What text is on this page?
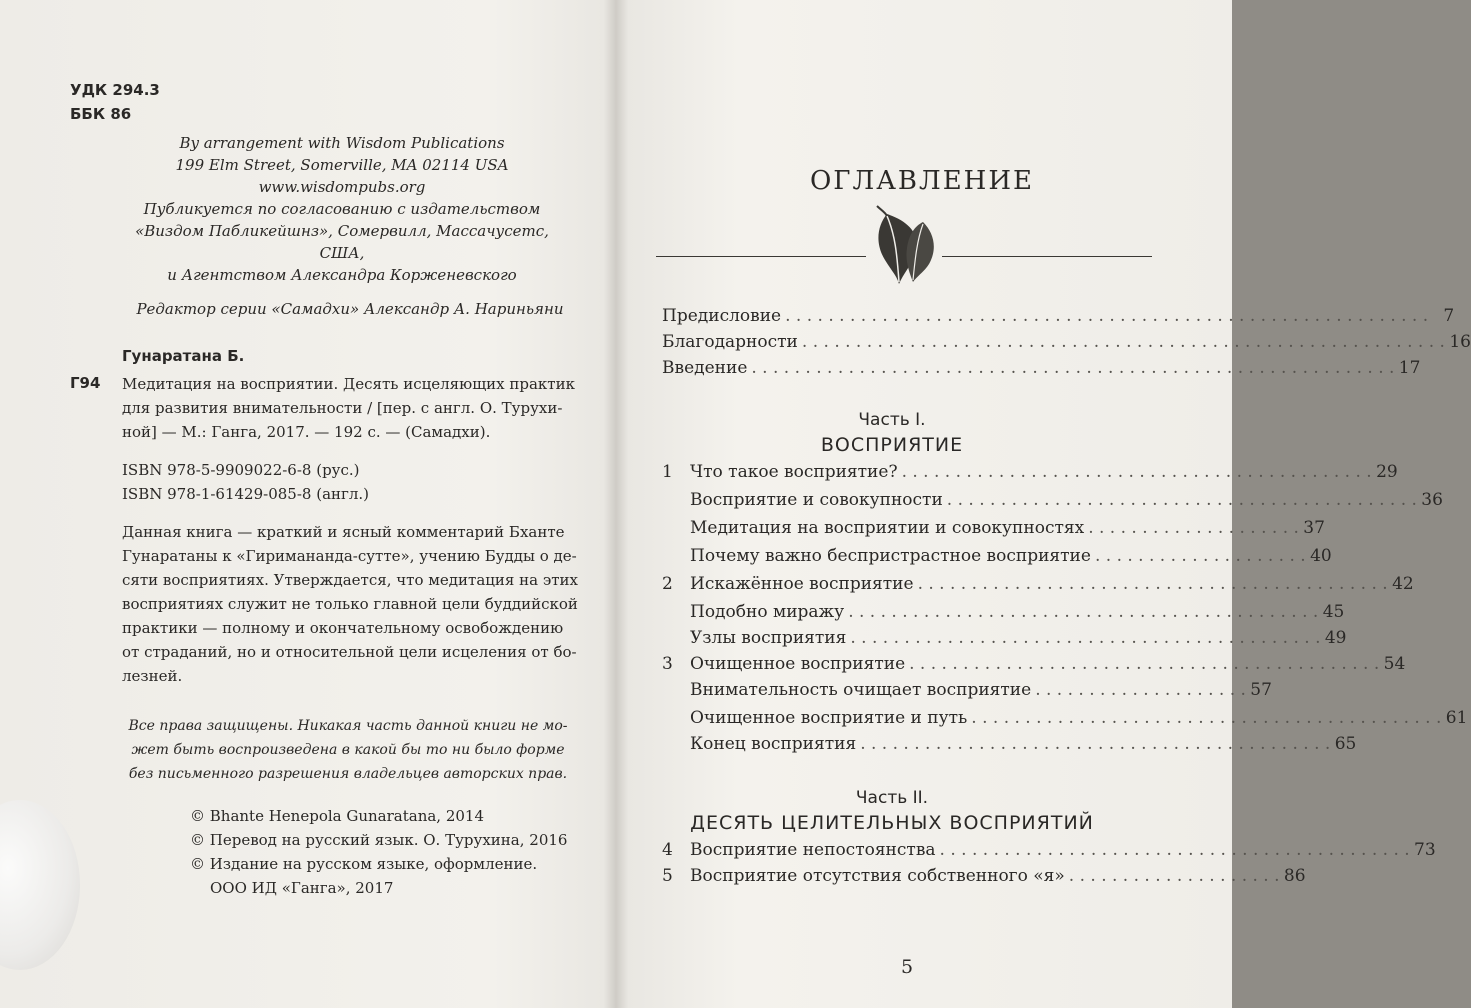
УДК 294.3
ББК 86
By arrangement with Wisdom Publications
199 Elm Street, Somerville, MA 02114 USA
www.wisdompubs.org
Публикуется по согласованию с издательством
«Виздом Пабликейшнз», Сомервилл, Массачусетс, США,
и Агентством Александра Корженевского
Редактор серии «Самадхи» Александр А. Нариньяни
Гунаратана Б.
Г94 Медитация на восприятии. Десять исцеляющих практик
для развития внимательности / [пер. с англ. О. Турухи-
ной] — М.: Ганга, 2017. — 192 с. — (Самадхи).
ISBN 978-5-9909022-6-8 (рус.)
ISBN 978-1-61429-085-8 (англ.)
Данная книга — краткий и ясный комментарий Бханте
Гунаратаны к «Гиримананда-сутте», учению Будды о де-
сяти восприятиях. Утверждается, что медитация на этих
восприятиях служит не только главной цели буддийской
практики — полному и окончательному освобождению
от страданий, но и относительной цели исцеления от бо-
лезней.
Все права защищены. Никакая часть данной книги не мо-
жет быть воспроизведена в какой бы то ни было форме
без письменного разрешения владельцев авторских прав.
© Bhante Henepola Gunaratana, 2014
© Перевод на русский язык. О. Турухина, 2016
© Издание на русском языке, оформление.
ООО ИД «Ганга», 2017
ОГЛАВЛЕНИЕ
Предисловие . . . . . . . . . . . . . . . . . . . . . . . . . . . . . . . . . . . . . . . . . . . . . . . . . . . . . . . . . . . . 7
Благодарности . . . . . . . . . . . . . . . . . . . . . . . . . . . . . . . . . . . . . . . . . . . . . . . . . . . . . . . . . . . . 16
Введение . . . . . . . . . . . . . . . . . . . . . . . . . . . . . . . . . . . . . . . . . . . . . . . . . . . . . . . . . . . . 17
Часть I.
ВОСПРИЯТИЕ
1	Что такое восприятие? . . . . . . . . . . . . . . . . . . . . . . . . . . . . . . . . . . . . . . . . . . . . 29
Восприятие и совокупности . . . . . . . . . . . . . . . . . . . . . . . . . . . . . . . . . . . . . . . . . . . . 36
Медитация на восприятии и совокупностях . . . . . . . . . . . . . . . . . . . . 37
Почему важно беспристрастное восприятие . . . . . . . . . . . . . . . . . . . . 40
2	Искажённое восприятие . . . . . . . . . . . . . . . . . . . . . . . . . . . . . . . . . . . . . . . . . . . . 42
Подобно миражу . . . . . . . . . . . . . . . . . . . . . . . . . . . . . . . . . . . . . . . . . . . . 45
Узлы восприятия . . . . . . . . . . . . . . . . . . . . . . . . . . . . . . . . . . . . . . . . . . . . 49
3	Очищенное восприятие . . . . . . . . . . . . . . . . . . . . . . . . . . . . . . . . . . . . . . . . . . . . 54
Внимательность очищает восприятие . . . . . . . . . . . . . . . . . . . . 57
Очищенное восприятие и путь . . . . . . . . . . . . . . . . . . . . . . . . . . . . . . . . . . . . . . . . . . . . 61
Конец восприятия . . . . . . . . . . . . . . . . . . . . . . . . . . . . . . . . . . . . . . . . . . . . 65
Часть II.
ДЕСЯТЬ ЦЕЛИТЕЛЬНЫХ ВОСПРИЯТИЙ
4	Восприятие непостоянства . . . . . . . . . . . . . . . . . . . . . . . . . . . . . . . . . . . . . . . . . . . . 73
5	Восприятие отсутствия собственного «я» . . . . . . . . . . . . . . . . . . . . 86
5
